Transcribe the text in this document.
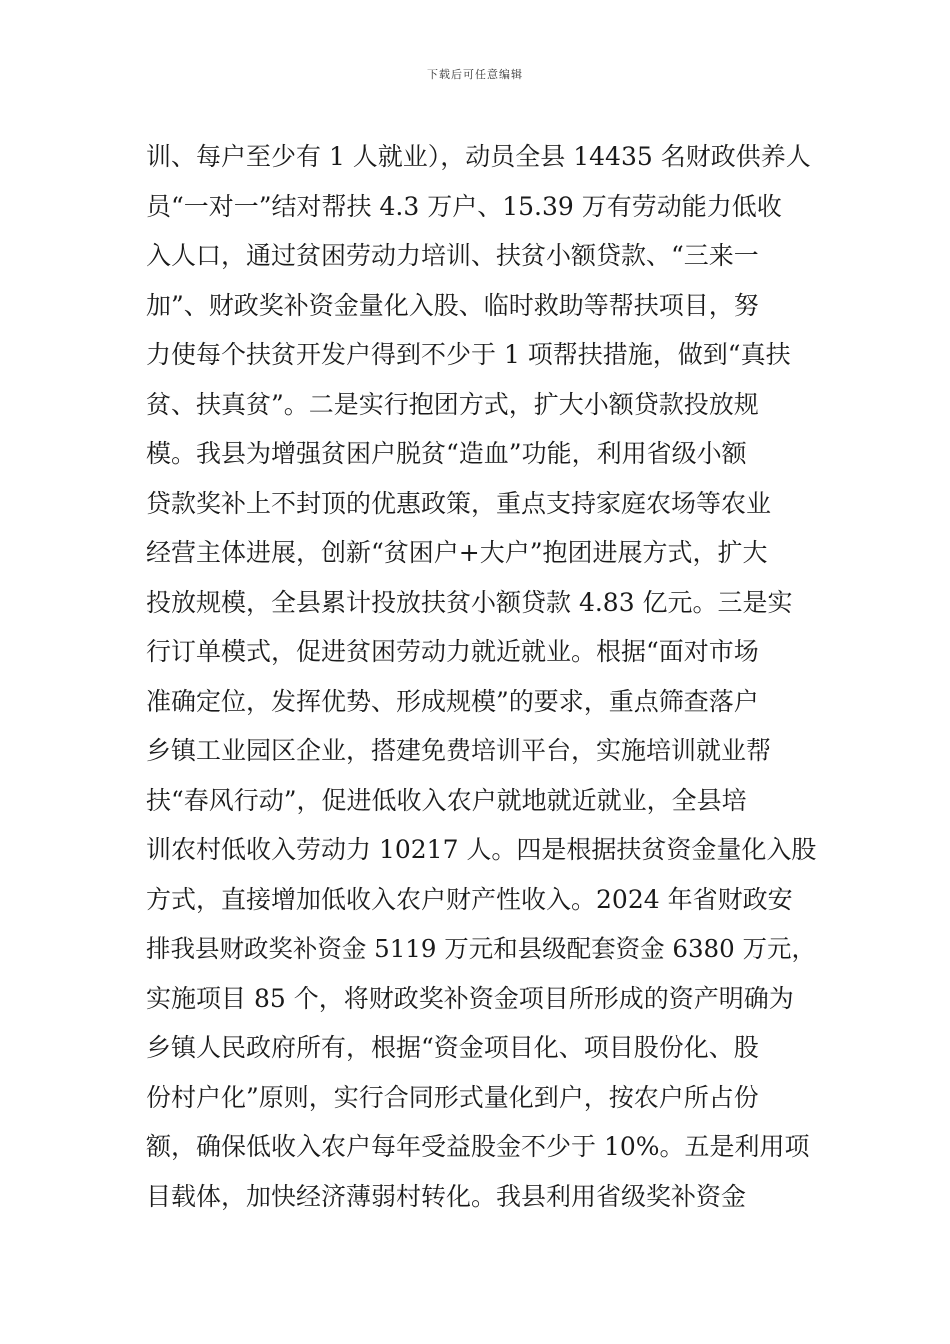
下载后可任意编辑
训、每户至少有 1 人就业），动员全县 14435 名财政供养人
员“一对一”结对帮扶 4.3 万户、15.39 万有劳动能力低收
入人口，通过贫困劳动力培训、扶贫小额贷款、“三来一
加”、财政奖补资金量化入股、临时救助等帮扶项目，努
力使每个扶贫开发户得到不少于 1 项帮扶措施，做到“真扶
贫、扶真贫”。二是实行抱团方式，扩大小额贷款投放规
模。我县为增强贫困户脱贫“造血”功能，利用省级小额
贷款奖补上不封顶的优惠政策，重点支持家庭农场等农业
经营主体进展，创新“贫困户+大户”抱团进展方式，扩大
投放规模，全县累计投放扶贫小额贷款 4.83 亿元。三是实
行订单模式，促进贫困劳动力就近就业。根据“面对市场
准确定位，发挥优势、形成规模”的要求，重点筛查落户
乡镇工业园区企业，搭建免费培训平台，实施培训就业帮
扶“春风行动”，促进低收入农户就地就近就业，全县培
训农村低收入劳动力 10217 人。四是根据扶贫资金量化入股
方式，直接增加低收入农户财产性收入。2024 年省财政安
排我县财政奖补资金 5119 万元和县级配套资金 6380 万元，
实施项目 85 个，将财政奖补资金项目所形成的资产明确为
乡镇人民政府所有，根据“资金项目化、项目股份化、股
份村户化”原则，实行合同形式量化到户，按农户所占份
额，确保低收入农户每年受益股金不少于 10%。五是利用项
目载体，加快经济薄弱村转化。我县利用省级奖补资金
